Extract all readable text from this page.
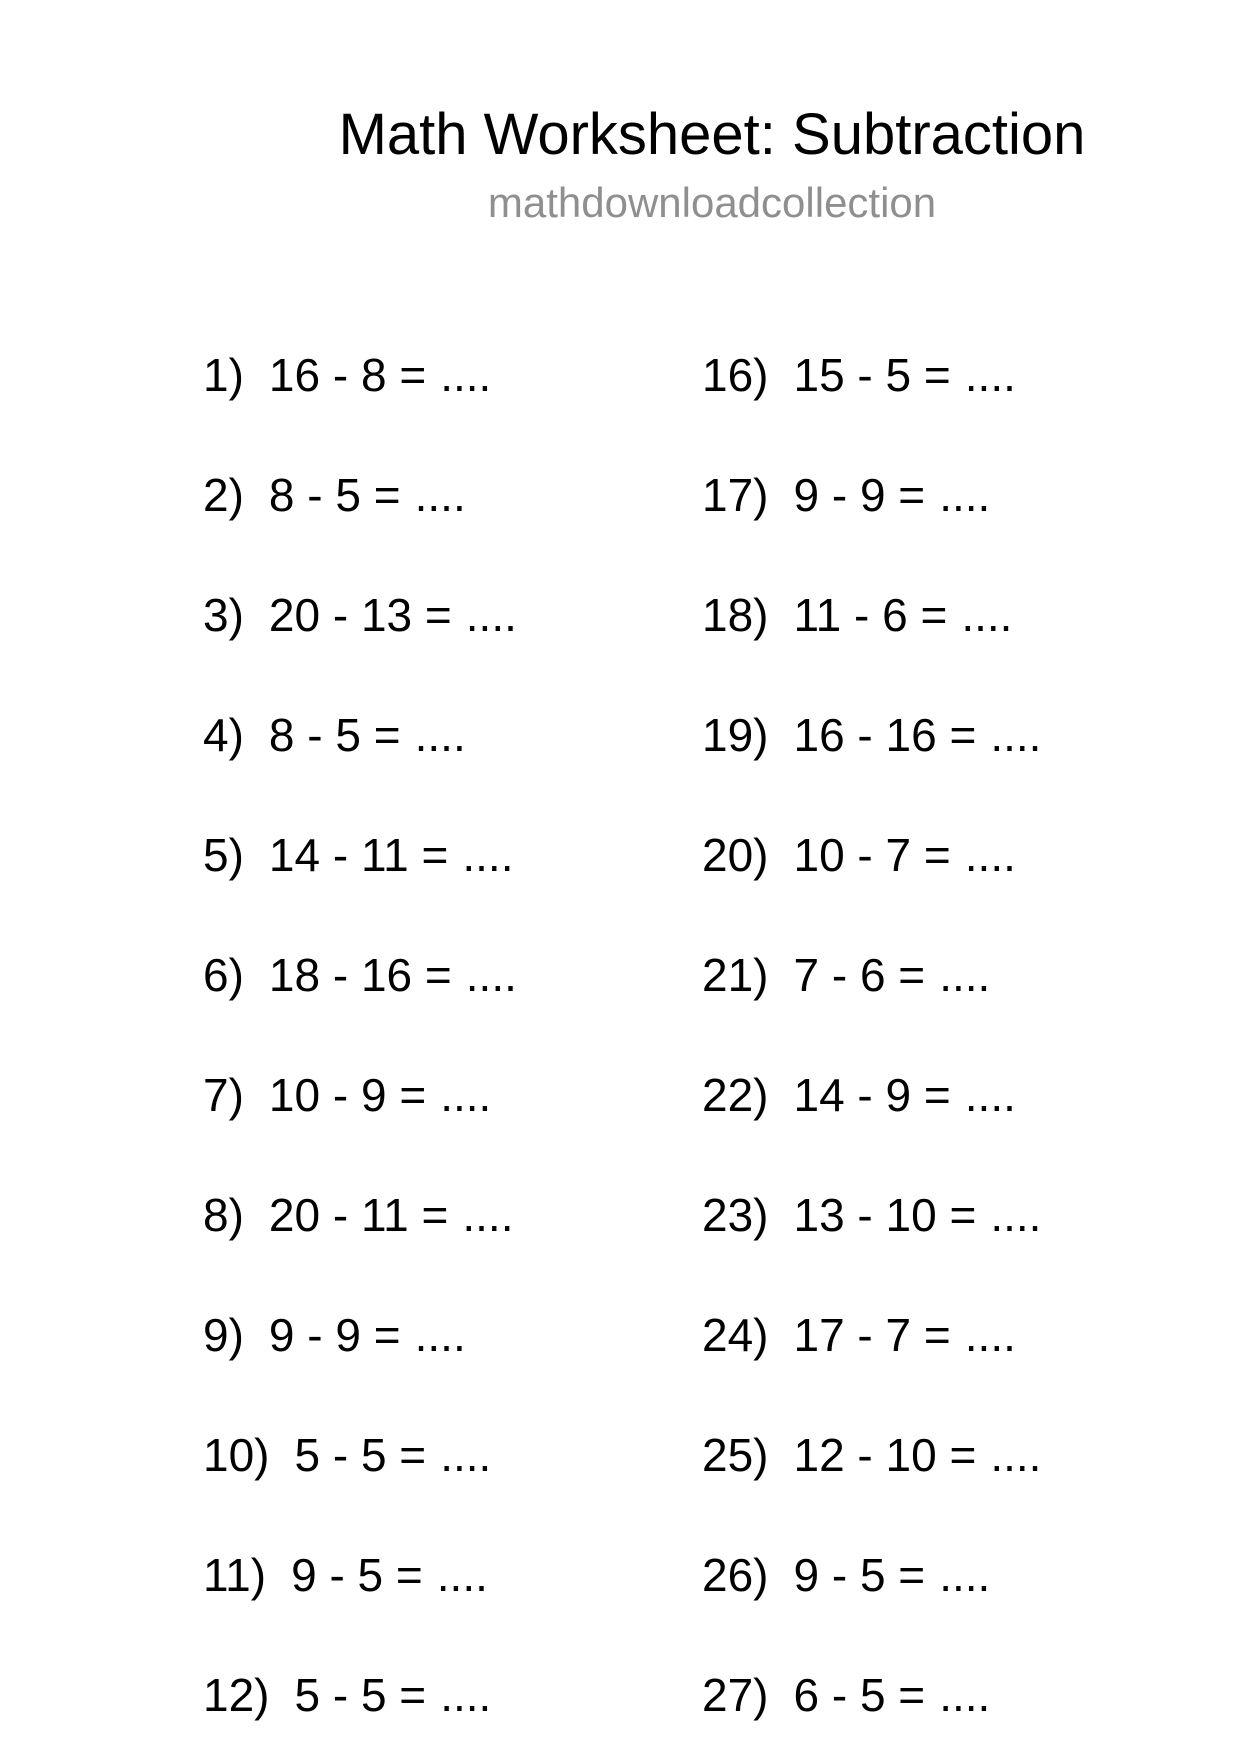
Math Worksheet: Subtraction
mathdownloadcollection
1) 16 - 8 = ....
2) 8 - 5 = ....
3) 20 - 13 = ....
4) 8 - 5 = ....
5) 14 - 11 = ....
6) 18 - 16 = ....
7) 10 - 9 = ....
8) 20 - 11 = ....
9) 9 - 9 = ....
10) 5 - 5 = ....
11) 9 - 5 = ....
12) 5 - 5 = ....
16) 15 - 5 = ....
17) 9 - 9 = ....
18) 11 - 6 = ....
19) 16 - 16 = ....
20) 10 - 7 = ....
21) 7 - 6 = ....
22) 14 - 9 = ....
23) 13 - 10 = ....
24) 17 - 7 = ....
25) 12 - 10 = ....
26) 9 - 5 = ....
27) 6 - 5 = ....
